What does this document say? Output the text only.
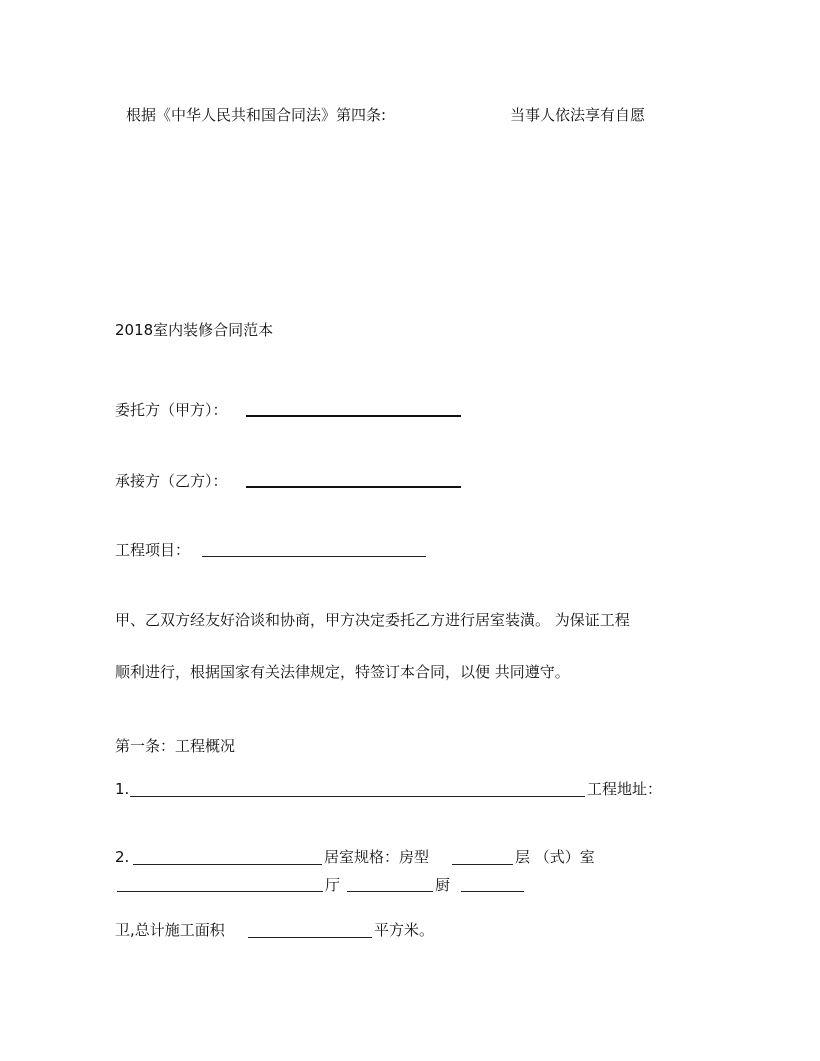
根据《中华人民共和国合同法》第四条:	当事人依法享有自愿
2018室内装修合同范本
委托方（甲方）：
承接方（乙方）：
工程项目：
甲、乙双方经友好洽谈和协商，甲方决定委托乙方进行居室装潢。 为保证工程
顺利进行，根据国家有关法律规定，特签订本合同，以便 共同遵守。
第一条：工程概况
1.	工程地址：
2.	居室规格：房型	层 （式）室
厅	厨
卫,总计施工面积	平方米。
